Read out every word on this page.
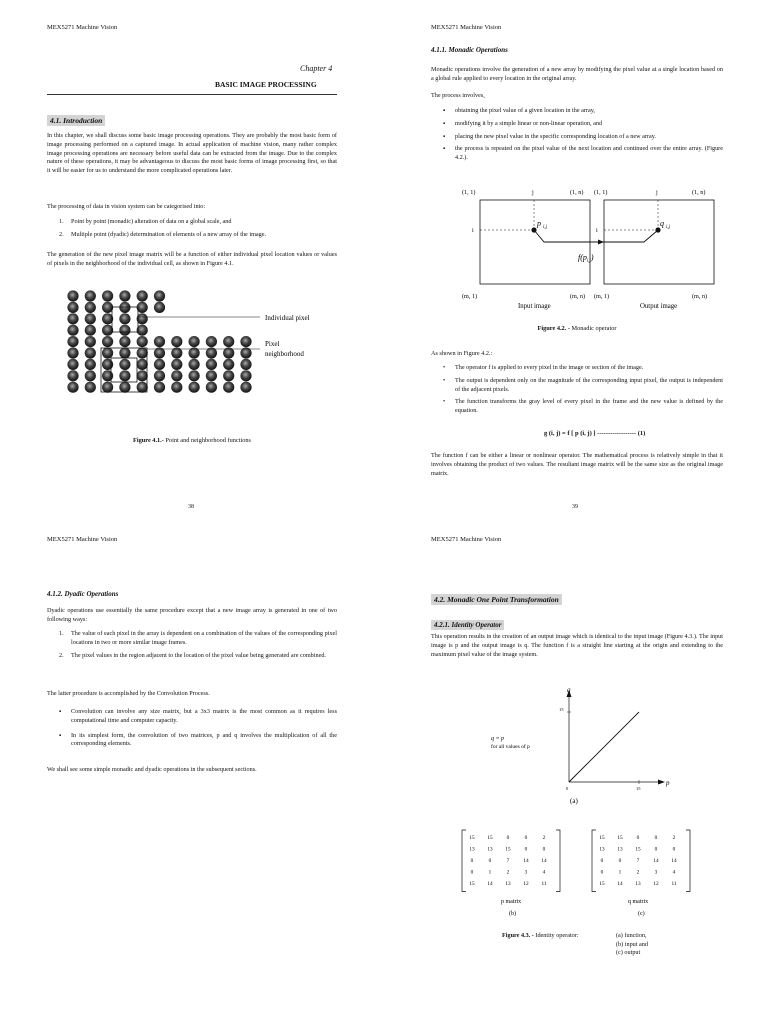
MEX5271 Machine Vision
Chapter 4
BASIC IMAGE PROCESSING
4.1. Introduction
In this chapter, we shall discuss some basic image processing operations. They are probably the most basic form of image processing performed on a captured image. In actual application of machine vision, many rather complex image processing operations are necessary before useful data can be extracted from the image. Due to the complex nature of these operations, it may be advantageous to discuss the most basic forms of image processing first, so that it will be easier for us to understand the more complicated operations later.
The processing of data in vision system can be categorised into:
1. Point by point (monadic) alteration of data on a global scale, and
2. Multiple point (dyadic) determination of elements of a new array of the image.
The generation of the new pixel image matrix will be a function of either individual pixel location values or values of pixels in the neighborhood of the individual cell, as shown in Figure 4.1.
Individual pixel
Pixel
neighborhood
Figure 4.1.- Point and neighborhood functions
38
MEX5271 Machine Vision
4.1.1. Monadic Operations
Monadic operations involve the generation of a new array by modifying the pixel value at a single location based on a global rule applied to every location in the original array.
The process involves,
▪ obtaining the pixel value of a given location in the array,
▪ modifying it by a simple linear or non-linear operation, and
▪ placing the new pixel value in the specific corresponding location of a new array.
▪ the process is repeated on the pixel value of the next location and continued over the entire array. (Figure 4.2.).
(1, 1)	j	(1, n) (1, 1)	j	(1, n)
i	i
p i,j	q i,j
$f(p_{i,j})$
(m, 1)	(m, n) (m, 1)	(m, n)
Input image	Output image
Figure 4.2. - Monadic operator
As shown in Figure 4.2.:
• The operator f is applied to every pixel in the image or section of the image.
• The output is dependent only on the magnitude of the corresponding input pixel, the output is independent of the adjacent pixels.
• The function transforms the gray level of every pixel in the frame and the new value is defined by the equation.
g (i, j) = f [ p (i, j) ] ------------------ (1)
The function f can be either a linear or nonlinear operator. The mathematical process is relatively simple in that it involves obtaining the product of two values. The resultant image matrix will be the same size as the original image matrix.
39
MEX5271 Machine Vision
4.1.2. Dyadic Operations
Dyadic operations use essentially the same procedure except that a new image array is generated in one of two following ways:
1. The value of each pixel in the array is dependent on a combination of the values of the corresponding pixel locations in two or more similar image frames.
2. The pixel values in the region adjacent to the location of the pixel value being generated are combined.
The latter procedure is accomplished by the Convolution Process.
▪ Convolution can involve any size matrix, but a 3x3 matrix is the most common as it requires less computational time and computer capacity.
▪ In its simplest form, the convolution of two matrices, p and q involves the multiplication of all the corresponding elements.
We shall see some simple monadic and dyadic operations in the subsequent sections.
MEX5271 Machine Vision
4.2. Monadic One Point Transformation
4.2.1. Identity Operator
This operation results in the creation of an output image which is identical to the input image (Figure 4.3.). The input image is p and the output image is q. The function f is a straight line starting at the origin and extending to the maximum pixel value of the image system.
q
p
15
15
0
q = p
for all values of p
(a)
15 15	0	0	2
13 13 15	0	0
0	0	7	14 14
0	1	2	3	4
15 14 13 12 11
15 15	0	0	2
13 13 15	0	0
0	0	7	14 14
0	1	2	3	4
15 14 13 12 11
p matrix	q matrix
(b)	(c)
Figure 4.3. - Identity operator:	(a) function,
(b) input and
(c) output
